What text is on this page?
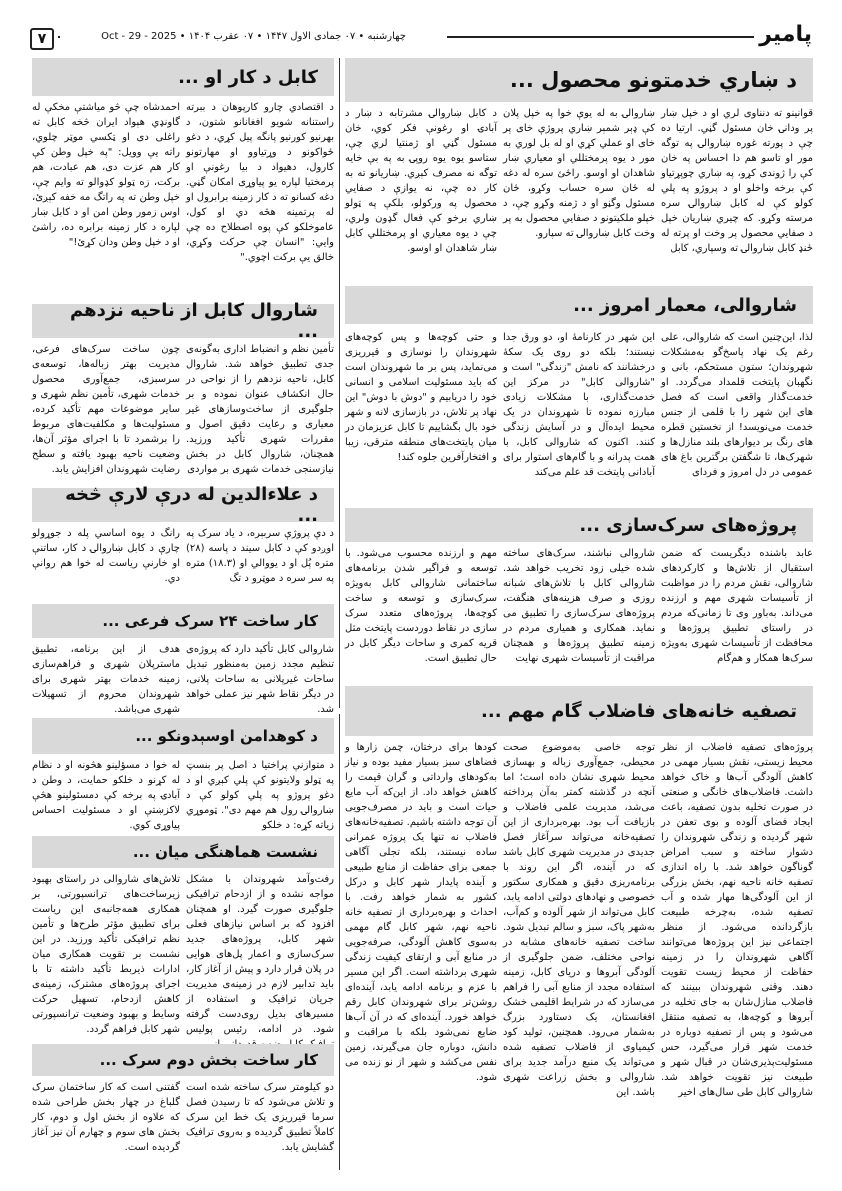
پامیر
چهارشنبه • ۰۷ جمادی الاول ۱۴۴۷ • ۰۷ عقرب ۱۴۰۴ • Oct - 29 - 2025
۷
د ښاري خدمتونو محصول ...
قوانینو ته دنناوی لري او د خپل ښار پر ودانۍ خان مسئول گڼي. ارتیا ده چې د پورته غوره ښاروالۍ په توگه مور او تاسو هم دا احساس په خان کې را ژوندی کړو، په ښاري چوپړتیاو کې برخه واخلو او د پروژو په پلي کولو کې له کابل ښاروالۍ سره مرسته وکړو. که چیري ښاریان خپل د صفایي محصول پر وخت او پرته له ځنډ کابل ښاروالۍ ته وسپاري، کابل
ښاروالۍ به له یوې خوا په خپل پلان کې ډېر شمېر ښاري پروژې خای پر خای او عملي کړي او له بل لوري به مور د یوه پرمختللي او معیاري ښار شاهدان او اوسو. راځئ سره له دغه له ځان سره حساب وکړو، ځان مسئول وگڼو او د ژمنه وکړو چې، د خپلو ملکیتونو د صفایي محصول به پر وخت کابل ښاروالۍ ته سپارو.
د کابل ښاروالۍ مشرتابه د ښار د آبادۍ او رغونې فکر کوي، خان مسئول گڼي او ژمنتیا لري چې، ستاسو یوه یوه روپۍ به په بې خایه توگه نه مصرف کېږي. ښاریانو ته به کار ده چې، نه یوازې د صفایي محصول په ورکولو، بلکې په ټولو ښاري برخو کې فعال گډون ولري، چې د یوه معیاري او پرمختللي کابل ښار شاهدان او اوسو.
کابل د کار او ...
د اقتصادي چارو کارپوهان د ببرته راستنانه شویو افغانانو شتون، د بهرنیو کورنیو پانگه پیل کړي، د دغو ځواکونو د وړتیاوو او مهارتونو کارول، دهیواد د بیا رغونې او پرمختیا لپاره یو پیاوړی امکان گڼي. دغه کسانو ته د کار زمینه برابرول او له پرتمینه هڅه دي او کول، عاموخلکو کې پوه اصطلاح ده چې وايي: "انسان چې حرکت وکړي، خالق یې برکت اچوي."
احمدشاه چې څو میاشتې مخکې له گاونډي هېواد ایران څخه کابل ته راغلی دی او ټکسي موټر چلوي، راته یې وویل: "په خپل وطن کې کار هم عزت دی، هم عبادت، هم برکت، زه ټولو کډوالو ته وایم چې، خپل وطن ته په راتگ مه خفه کېږئ، اوس زمور وطن امن او د کابل ښار لپاره د کار زمینه برابره ده، راشئ او د خپل وطن ودان کړئ!"
شاروالی، معمار امروز ...
لذا، این‌چنین است که شاروالی، علی رغم یک نهاد پاسخ‌گو به‌مشکلات شهروندان؛ ستون مستحکم، بانی و نگهبان پایتخت قلمداد می‌گردد. او خدمت‌گذار واقعی است که فصل های این شهر را با قلمی از جنس خدمت می‌نویسد! از نخستین قطره های رنگ بر دیوارهای بلند منازل‌ها و شهرک‌ها، تا شگفتن برگترین باغ های عمومی در دل امروز و فردای
این شهر در کارنامهٔ او، دو ورق جدا نیستند؛ بلکه دو روی یک سکهٔ درخشانند که نامش "زندگی" است و "شاروالی کابل" در مرکز این خدمت‌گذاری، با مشکلات زیادی مبارزه نموده تا شهروندان در یک محیط ایده‌آل و در آسایش زندگی کنند. اکنون که شاروالی کابل، با همت پدرانه و با گام‌های استوار برای آبادانی پایتخت قد علم می‌کند
و حتی کوچه‌ها و پس کوچه‌های شهروندان را نوسازی و قیرریزی می‌نماید، پس بر ما شهروندان است که باید مسئولیت اسلامی و انسانی خود را دریابیم و "دوش با دوش" این نهاد پر تلاش، در بازسازی لانه و شهر خود بال بگشاییم تا کابل عزیزمان در میان پایتخت‌های منطقه مترقی، زیبا و افتخارآفرین جلوه کند!
شاروال کابل از ناحیه نزدهم ...
تأمین نظم و انضباط اداری به‌گونه‌ی جدی تطبیق خواهد شد. شاروال کابل، ناحیه نزدهم را از نواحی در حال انکشاف عنوان نموده و بر جلوگیری از ساخت‌وسازهای غیر معیاری و رعایت دقیق اصول و مقررات شهری تأکید ورزید. همچنان، شاروال کابل در بخش نیازسنجی خدمات شهری بر مواردی
چون ساخت سرک‌های فرعی، مدیریت بهتر زباله‌ها، توسعه‌ی سرسبزی، جمع‌آوری محصول خدمات شهری، تأمین نظم شهری و سایر موضوعات مهم تأکید کرده، مسئولیت‌ها و مکلفیت‌های مربوط را برشمرد تا با اجرای مؤثر آن‌ها، وضعیت ناحیه بهبود یافته و سطح رضایت شهروندان افزایش یابد.
پروژه‌های سرک‌سازی ...
عابد باشنده دیگریست که ضمن استقبال از تلاش‌ها و کارکردهای شاروالی، نقش مردم را در مواظبت از تأسیسات شهری مهم و ارزنده می‌داند. به‌باور وی تا زمانی‌که مردم در راستای تطبیق پروژه‌ها و محافظت از تأسیسات شهری به‌ویژه سرک‌ها همکار و هم‌گام
شاروالی نباشند، سرک‌های ساخته شده خیلی زود تخریب خواهد شد. شاروالی کابل با تلاش‌های شبانه روزی و صرف هزینه‌های هنگفت، پروژه‌های سرک‌سازی را تطبیق می نماید. همکاری و همیاری مردم در زمینه تطبیق پروژه‌ها و همچنان مراقبت از تأسیسات شهری نهایت
مهم و ارزنده محسوب می‌شود. با توسعه و فراگیر شدن برنامه‌های ساختمانی شاروالی کابل به‌ویژه سرک‌سازی و توسعه و ساخت کوچه‌ها، پروژه‌های متعدد سرک سازی در نقاط دوردست پایتخت مثل قریه کمری و ساحات دیگر کابل در حال تطبیق است.
د علاءالدین له درې لارې څخه ...
د دې پروژې سربېره، د یاد سرک په اوږدو کې د کابل سیند د پاسه (۲۸) متره پُل او د یووالي او (۱۸.۳) متره په سر سره د موټرو د تگ
رانگ د یوه اساسي پله د جوړولو چارې د کابل ښاروالۍ د کار، ساتنې او خارنې ریاست له خوا هم روانې دي.
کار ساخت ۲۴ سرک فرعی ...
شاروالی کابل تأکید دارد که پروژه‌ی تنظیم مجدد زمین به‌منظور تبدیل ساحات غیرپلانی به ساحات پلانی، در دیگر نقاط شهر نیز عملی خواهد شد.
هدف از این برنامه، تطبیق ماسترپلان شهری و فراهم‌سازی زمینه خدمات بهتر شهری برای شهروندان محروم از تسهیلات شهری می‌باشد.	تصفیه خانه‌های فاضلاب گام مهم ...
پروژه‌های تصفیه فاضلاب از نظر محیط زیستی، نقش بسیار مهمی در کاهش آلودگی آب‌ها و خاک خواهد داشت. فاضلاب‌های خانگی و صنعتی در صورت تخلیه بدون تصفیه، باعث ایجاد فضای آلوده و بوی تعفن در شهر گردیده و زندگی شهروندان را دشوار ساخته و سبب امراض گوناگون خواهد شد. با راه اندازی تصفیه خانه ناحیه نهم، بخش بزرگی از این آلودگی‌ها مهار شده و آب تصفیه شده، به‌چرخه طبیعت بازگردانده می‌شود. از منظر اجتماعی نیز این پروژه‌ها می‌توانند آگاهی شهروندان را در زمینه حفاظت از محیط زیست تقویت دهند. وقتی شهروندان ببینند که فاضلاب منازل‌شان به جای تخلیه در آبروها و کوچه‌ها، به تصفیه منتقل می‌شود و پس از تصفیه دوباره در خدمت شهر قرار می‌گیرد، حس مسئولیت‌پذیری‌شان در قبال شهر و طبیعت نیز تقویت خواهد شد. شاروالی کابل طی سال‌های اخیر
توجه خاصی به‌موضوع صحت محیطی، جمع‌آوری زباله و بهسازی محیط شهری نشان داده است؛ اما آنچه در گذشته کمتر به‌آن پرداخته می‌شد، مدیریت علمی فاضلاب و بازیافت آب بود. بهره‌برداری از این تصفیه‌خانه می‌تواند سرآغاز فصل جدیدی در مدیریت شهری کابل باشد که در آینده، اگر این روند با برنامه‌ریزی دقیق و همکاری سکتور خصوصی و نهادهای دولتی ادامه یابد، کابل می‌تواند از شهر آلوده و کم‌آب، به‌شهر پاک، سبز و سالم تبدیل شود. ساخت تصفیه خانه‌های مشابه در نواحی مختلف، ضمن جلوگیری از آلودگی آبروها و دریای کابل، زمینه استفاده مجدد از منابع آبی را فراهم می‌سازد که در شرایط اقلیمی خشک افغانستان، یک دستاورد بزرگ به‌شمار می‌رود. همچنین، تولید کود کیمیاوی از فاضلاب تصفیه شده می‌تواند یک منبع درآمد جدید برای شاروالی و بخش زراعت شهری باشد. این
کودها برای درختان، چمن زارها و فضاهای سبز بسیار مفید بوده و نیاز به‌کودهای وارداتی و گران قیمت را کاهش خواهد داد. از این‌که آب مایع حیات است و باید در مصرف‌جویی آن توجه داشته باشیم. تصفیه‌خانه‌های فاضلاب نه تنها یک پروژه عمرانی ساده نیستند، بلکه تجلی آگاهی جمعی برای حفاظت از منابع طبیعی و آینده پایدار شهر کابل و درکل کشور به شمار خواهد رفت. با احداث و بهره‌برداری از تصفیه خانه ناحیه نهم، شهر کابل گام مهمی به‌سوی کاهش آلودگی، صرفه‌جویی در منابع آبی و ارتقای کیفیت زندگی شهری برداشته است. اگر این مسیر با عزم و برنامه ادامه یابد، آینده‌ای روشن‌تر برای شهروندان کابل رقم خواهد خورد. آینده‌ای که در آن آب‌ها ضایع نمی‌شود بلکه با مراقبت و دانش، دوباره جان می‌گیرند، زمین نفس می‌کشد و شهر از نو زنده می شود.
د کوهدامن اوسېدونکو ...
د متوازنې پراختیا د اصل پر بنسټ په ټولو ولایتونو کې پلي کېږي او د دغو پروژو په پلي کولو کې د ښاروالۍ رول هم مهم دی". ټوموړي زیاته کړه: د خلکو
له خوا د مسؤلینو هڅونه او د نظام له کړنو د خلکو حمایت، د وطن د آبادۍ په برخه کې دمسئولینو هڅې لاکزښتې او د مسئولیت احساس پیاوړی کوي.
نشست هماهنگی میان ...
رفت‌وآمد شهروندان با مشکل مواجه نشده و از ازدحام ترافیکی جلوگیری صورت گیرد. او همچنان افزود که بر اساس نیازهای فعلی شهر کابل، پروژه‌های جدید سرک‌سازی و اعمار پل‌های هوایی در پلان قرار دارد و پیش از آغاز کار، باید تدابیر لازم در زمینه‌ی مدیریت جریان ترافیک و استفاده از مسیرهای بدیل روی‌دست گرفته شود. در ادامه، رئیس پولیس
تلاش‌های شاروالی در راستای بهبود زیرساخت‌های ترانسپورتی، بر همکاری همه‌جانبه‌ی این ریاست برای تطبیق مؤثر طرح‌ها و تأمین نظم ترافیکی تأکید ورزید. در این نشست بر تقویت همکاری میان ادارات ذیربط تأکید داشته تا با اجرای پروژه‌های مشترک، زمینه‌ی کاهش ازدحام، تسهیل حرکت وسایط و بهبود وضعیت ترانسپورتی شهر کابل فراهم گردد.
کار ساخت بخش دوم سرک ...
دو کیلومتر سرک ساخته شده است و تلاش می‌شود که تا رسیدن فصل سرما قیرریزی یک خط این سرک کاملاً تطبیق گردیده و به‌روی ترافیک گشایش یابد.
گفتنی است که کار ساختمان سرک گلباغ در چهار بخش طراحی شده که علاوه از بخش اول و دوم، کار بخش های سوم و چهارم آن نیز آغاز گردیده است.
